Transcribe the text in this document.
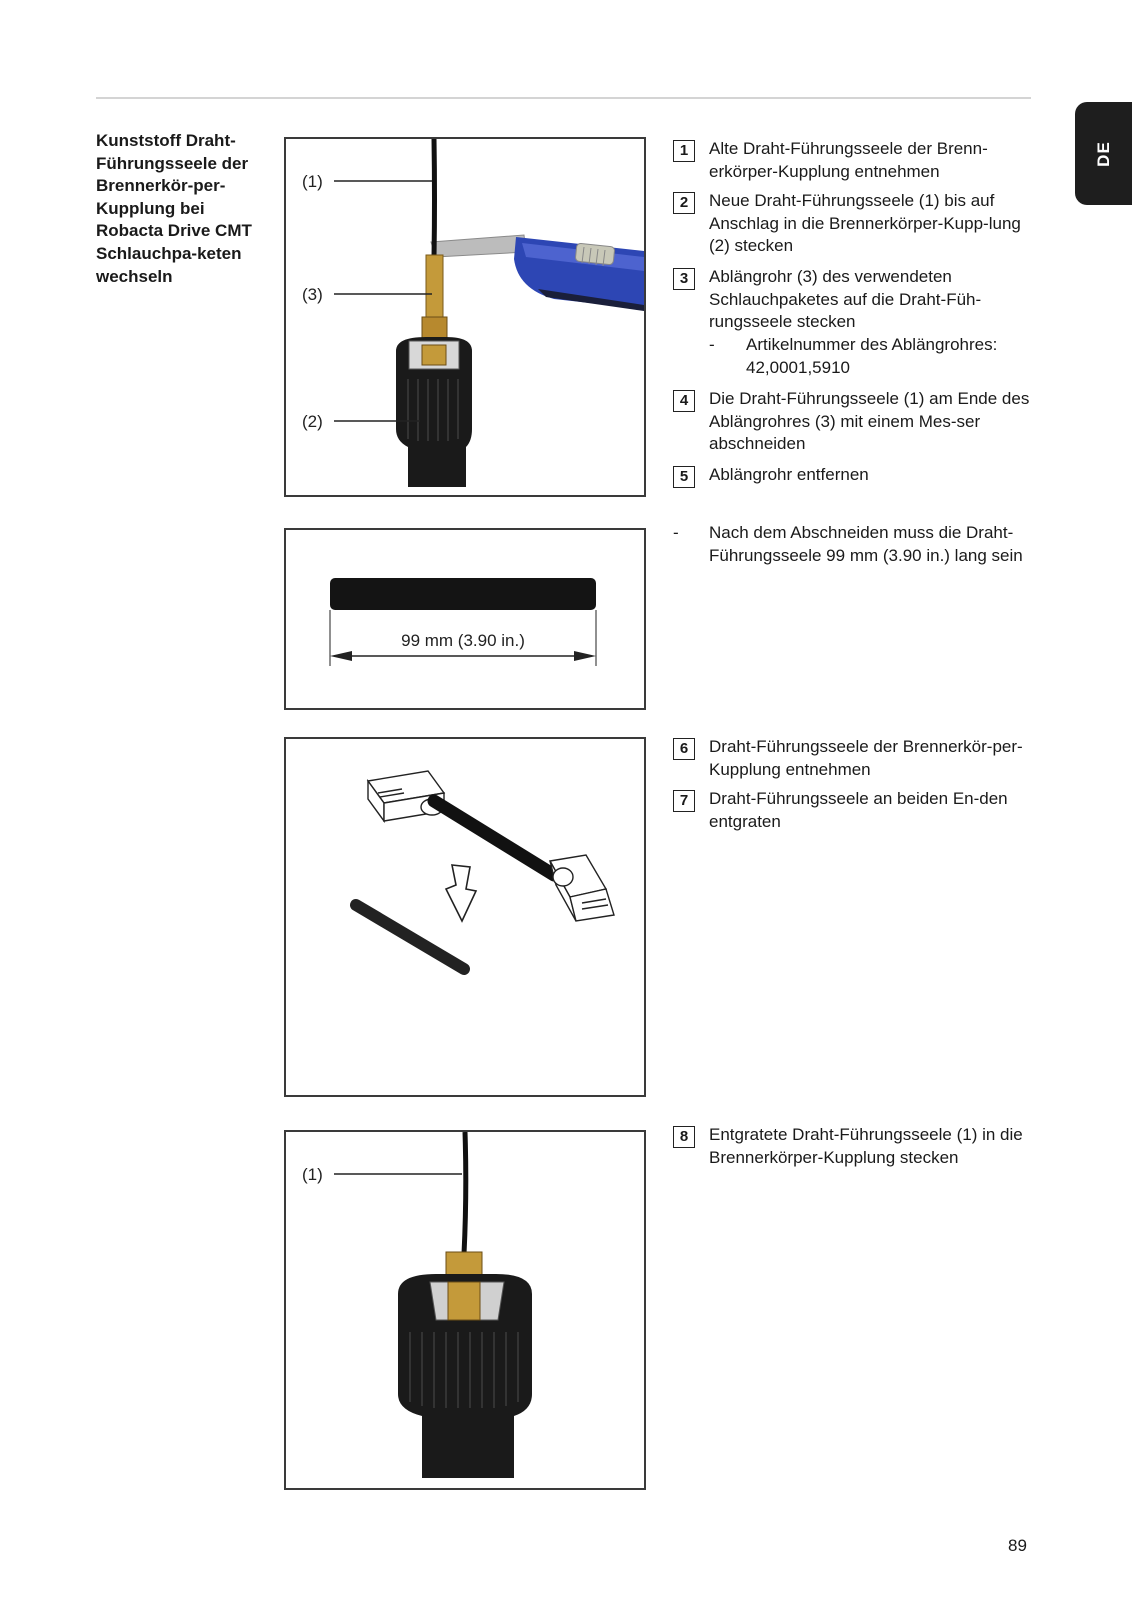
DE

Kunststoff Draht-Führungsseele der Brennerkör-per-Kupplung bei Robacta Drive CMT Schlauchpa-keten wechseln

(1)
(3)
(2)
99 mm (3.90 in.)
(1)
1	Alte Draht-Führungsseele der Brenn-erkörper-Kupplung entnehmen
2	Neue Draht-Führungsseele (1) bis auf Anschlag in die Brennerkörper-Kupp-lung (2) stecken
3	Ablängrohr (3) des verwendeten Schlauchpaketes auf die Draht-Füh-rungsseele stecken
- Artikelnummer des Ablängrohres: 42,0001,5910
4	Die Draht-Führungsseele (1) am Ende des Ablängrohres (3) mit einem Mes-ser abschneiden
5	Ablängrohr entfernen
6	Draht-Führungsseele der Brennerkör-per-Kupplung entnehmen
7	Draht-Führungsseele an beiden En-den entgraten
8	Entgratete Draht-Führungsseele (1) in die Brennerkörper-Kupplung stecken
- Nach dem Abschneiden muss die Draht-Führungsseele 99 mm (3.90 in.) lang sein
89
